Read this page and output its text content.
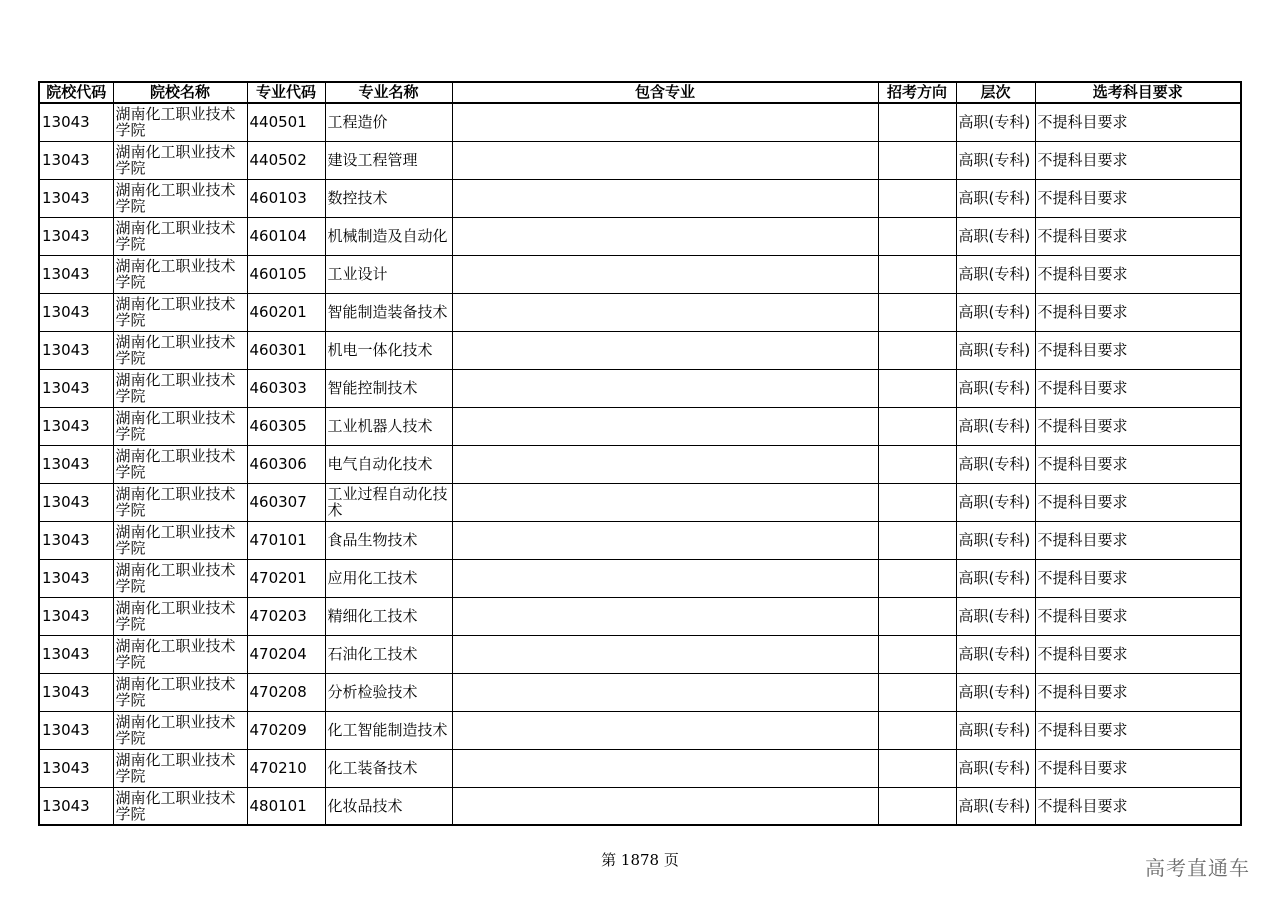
院校代码	院校名称	专业代码	专业名称	包含专业	招考方向	层次	选考科目要求
13043	湖南化工职业技术学院	440501	工程造价			高职(专科)	不提科目要求
13043	湖南化工职业技术学院	440502	建设工程管理			高职(专科)	不提科目要求
13043	湖南化工职业技术学院	460103	数控技术			高职(专科)	不提科目要求
13043	湖南化工职业技术学院	460104	机械制造及自动化			高职(专科)	不提科目要求
13043	湖南化工职业技术学院	460105	工业设计			高职(专科)	不提科目要求
13043	湖南化工职业技术学院	460201	智能制造装备技术			高职(专科)	不提科目要求
13043	湖南化工职业技术学院	460301	机电一体化技术			高职(专科)	不提科目要求
13043	湖南化工职业技术学院	460303	智能控制技术			高职(专科)	不提科目要求
13043	湖南化工职业技术学院	460305	工业机器人技术			高职(专科)	不提科目要求
13043	湖南化工职业技术学院	460306	电气自动化技术			高职(专科)	不提科目要求
13043	湖南化工职业技术学院	460307	工业过程自动化技术			高职(专科)	不提科目要求
13043	湖南化工职业技术学院	470101	食品生物技术			高职(专科)	不提科目要求
13043	湖南化工职业技术学院	470201	应用化工技术			高职(专科)	不提科目要求
13043	湖南化工职业技术学院	470203	精细化工技术			高职(专科)	不提科目要求
13043	湖南化工职业技术学院	470204	石油化工技术			高职(专科)	不提科目要求
13043	湖南化工职业技术学院	470208	分析检验技术			高职(专科)	不提科目要求
13043	湖南化工职业技术学院	470209	化工智能制造技术			高职(专科)	不提科目要求
13043	湖南化工职业技术学院	470210	化工装备技术			高职(专科)	不提科目要求
13043	湖南化工职业技术学院	480101	化妆品技术			高职(专科)	不提科目要求
第 1878 页	高考直通车
